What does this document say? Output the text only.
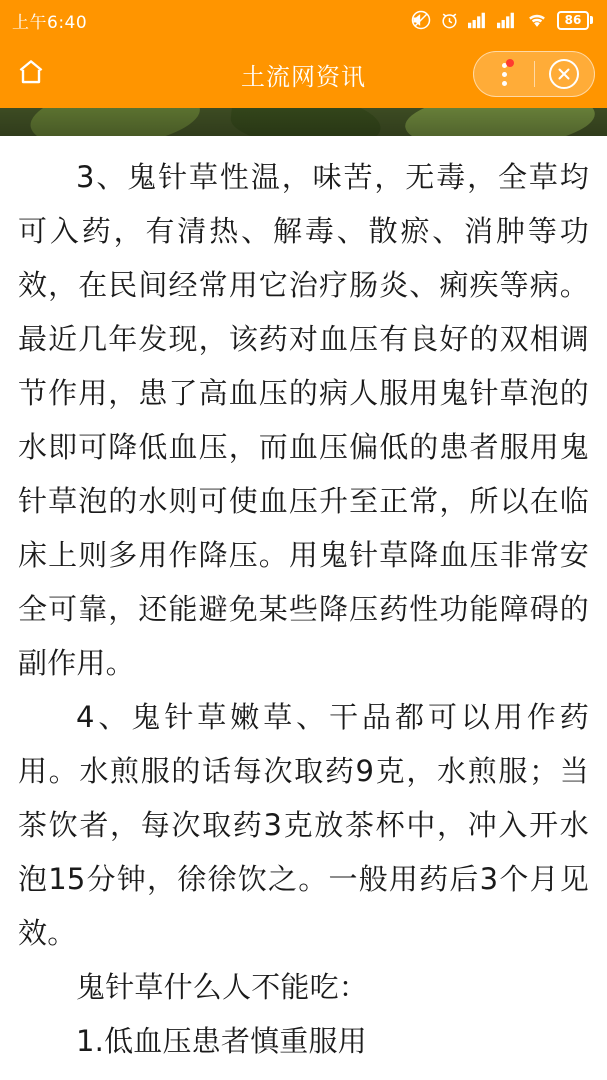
上午6:40	86
土流网资讯

3、鬼针草性温，味苦，无毒，全草均可入药，有清热、解毒、散瘀、消肿等功效，在民间经常用它治疗肠炎、痢疾等病。最近几年发现，该药对血压有良好的双相调节作用，患了高血压的病人服用鬼针草泡的水即可降低血压，而血压偏低的患者服用鬼针草泡的水则可使血压升至正常，所以在临床上则多用作降压。用鬼针草降血压非常安全可靠，还能避免某些降压药性功能障碍的副作用。

4、鬼针草嫩草、干品都可以用作药用。水煎服的话每次取药9克，水煎服；当茶饮者，每次取药3克放茶杯中，冲入开水泡15分钟，徐徐饮之。一般用药后3个月见效。

鬼针草什么人不能吃：

1.低血压患者慎重服用
